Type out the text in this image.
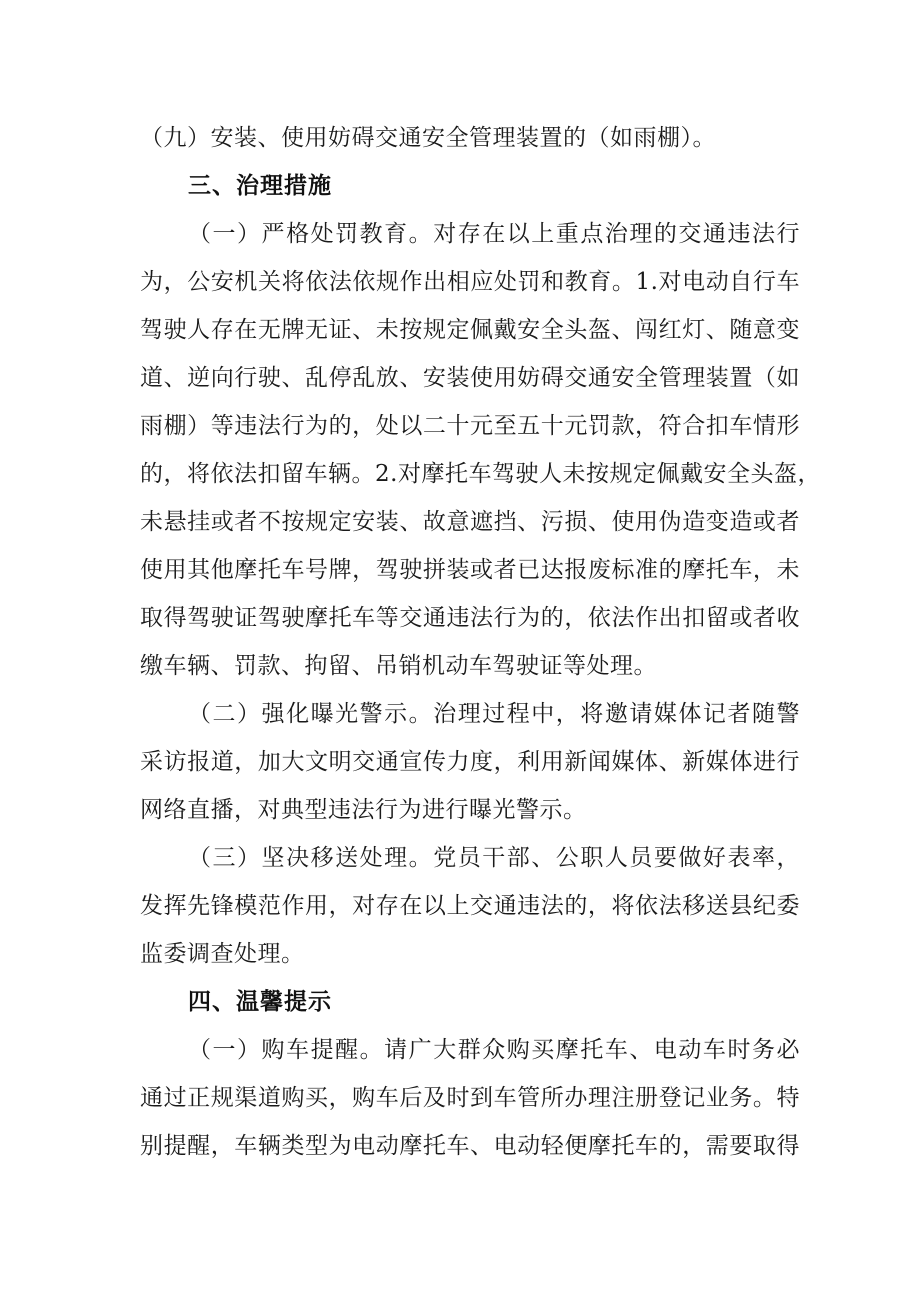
（九）安装、使用妨碍交通安全管理装置的（如雨棚）。
三、治理措施
（一）严格处罚教育。对存在以上重点治理的交通违法行
为，公安机关将依法依规作出相应处罚和教育。1.对电动自行车
驾驶人存在无牌无证、未按规定佩戴安全头盔、闯红灯、随意变
道、逆向行驶、乱停乱放、安装使用妨碍交通安全管理装置（如
雨棚）等违法行为的，处以二十元至五十元罚款，符合扣车情形
的，将依法扣留车辆。2.对摩托车驾驶人未按规定佩戴安全头盔，
未悬挂或者不按规定安装、故意遮挡、污损、使用伪造变造或者
使用其他摩托车号牌，驾驶拼装或者已达报废标准的摩托车，未
取得驾驶证驾驶摩托车等交通违法行为的，依法作出扣留或者收
缴车辆、罚款、拘留、吊销机动车驾驶证等处理。
（二）强化曝光警示。治理过程中，将邀请媒体记者随警
采访报道，加大文明交通宣传力度，利用新闻媒体、新媒体进行
网络直播，对典型违法行为进行曝光警示。
（三）坚决移送处理。党员干部、公职人员要做好表率，
发挥先锋模范作用，对存在以上交通违法的，将依法移送县纪委
监委调查处理。
四、温馨提示
（一）购车提醒。请广大群众购买摩托车、电动车时务必
通过正规渠道购买，购车后及时到车管所办理注册登记业务。特
别提醒，车辆类型为电动摩托车、电动轻便摩托车的，需要取得
